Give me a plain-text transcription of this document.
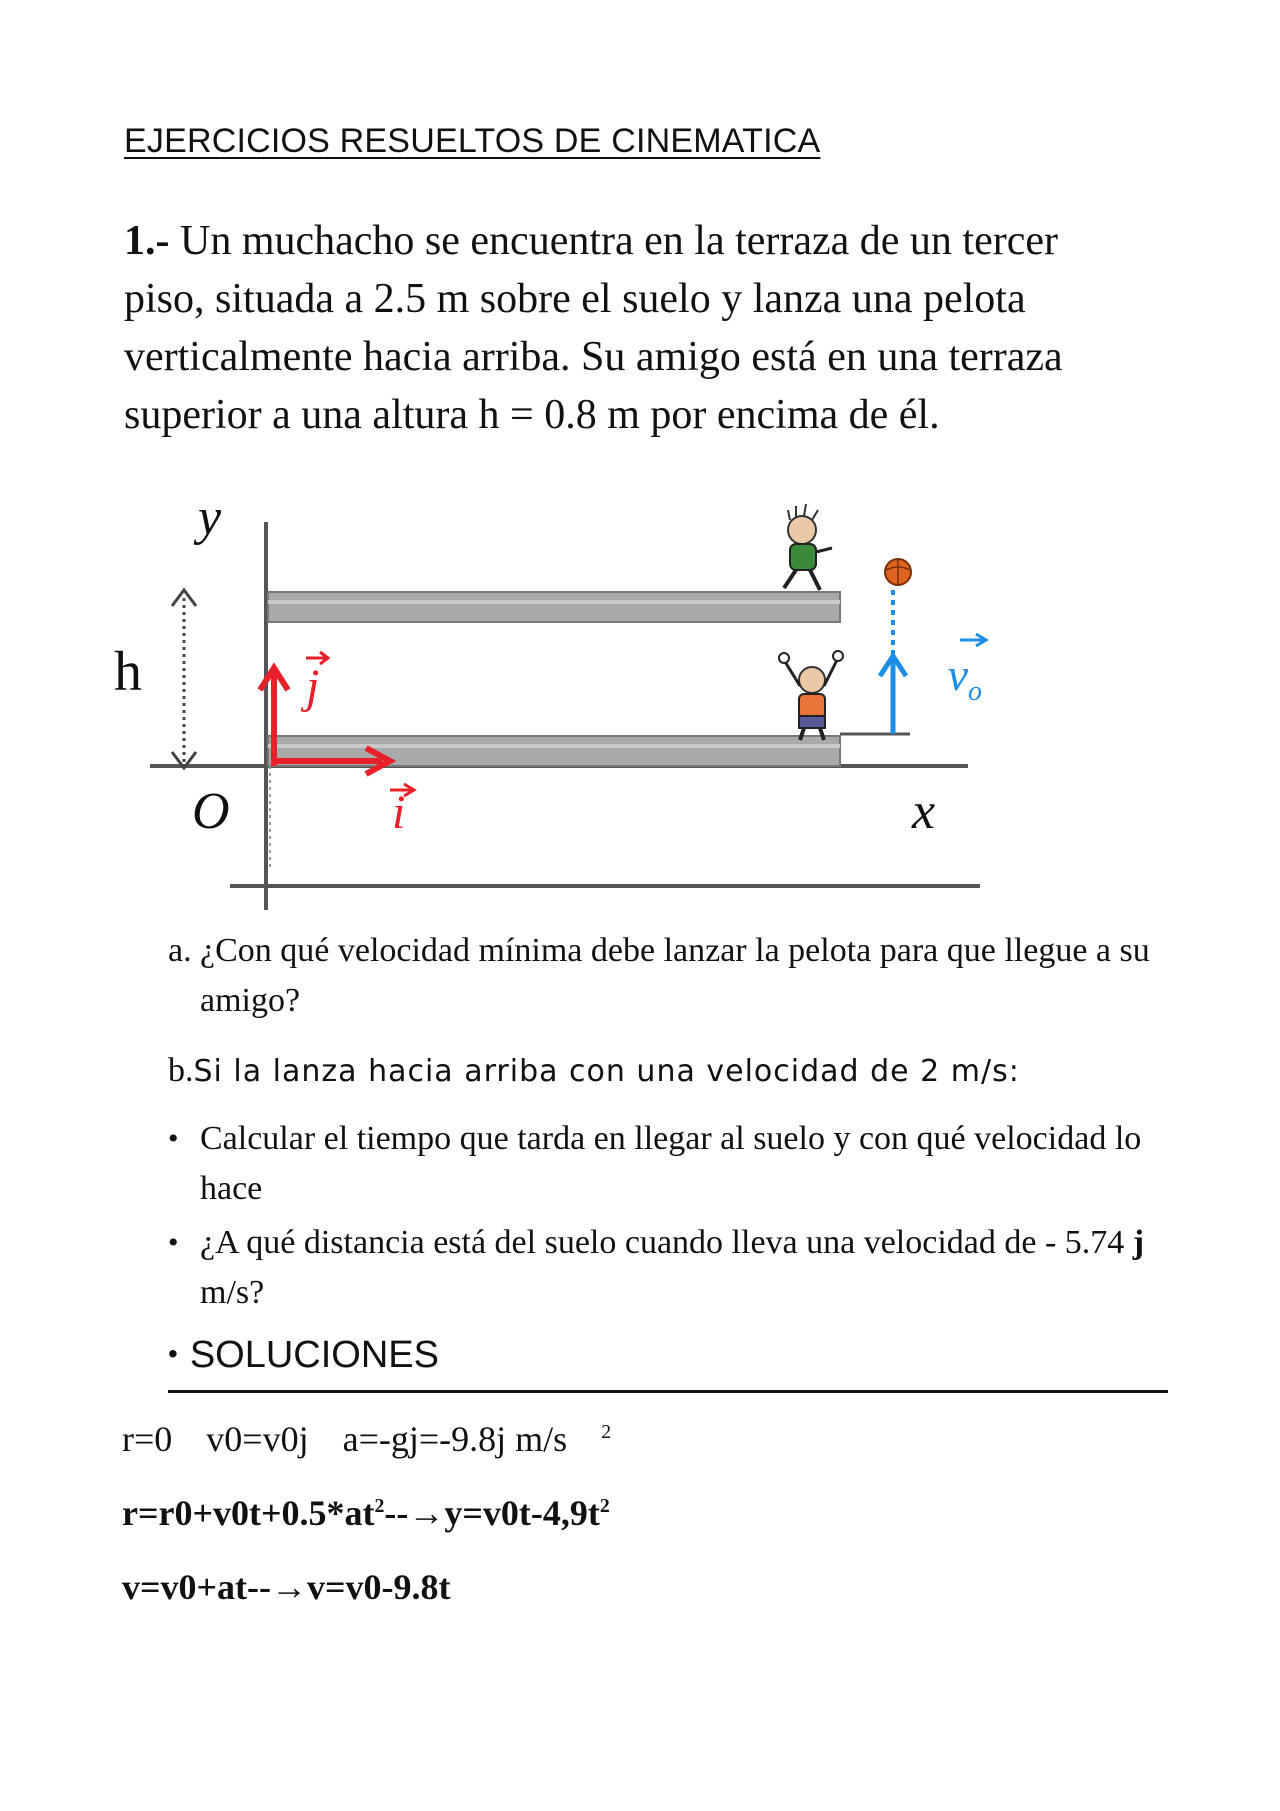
EJERCICIOS RESUELTOS DE CINEMATICA
1.- Un muchacho se encuentra en la terraza de un tercer piso, situada a 2.5 m sobre el suelo y lanza una pelota verticalmente hacia arriba. Su amigo está en una terraza superior a una altura h = 0.8 m por encima de él.
y
h	j	$v_o$
O	i	x
a. ¿Con qué velocidad mínima debe lanzar la pelota para que llegue a su amigo?
b.Si la lanza hacia arriba con una velocidad de 2 m/s:
• Calcular el tiempo que tarda en llegar al suelo y con qué velocidad lo hace
• ¿A qué distancia está del suelo cuando lleva una velocidad de - 5.74 j m/s?
• SOLUCIONES
r=0 v0=v0j a=-gj=-9.8j m/s $^2$
$r=r0+v0t+0.5*at^2--\to y=v0t-4,9t^2$
v=v0+at--→v=v0-9.8t
